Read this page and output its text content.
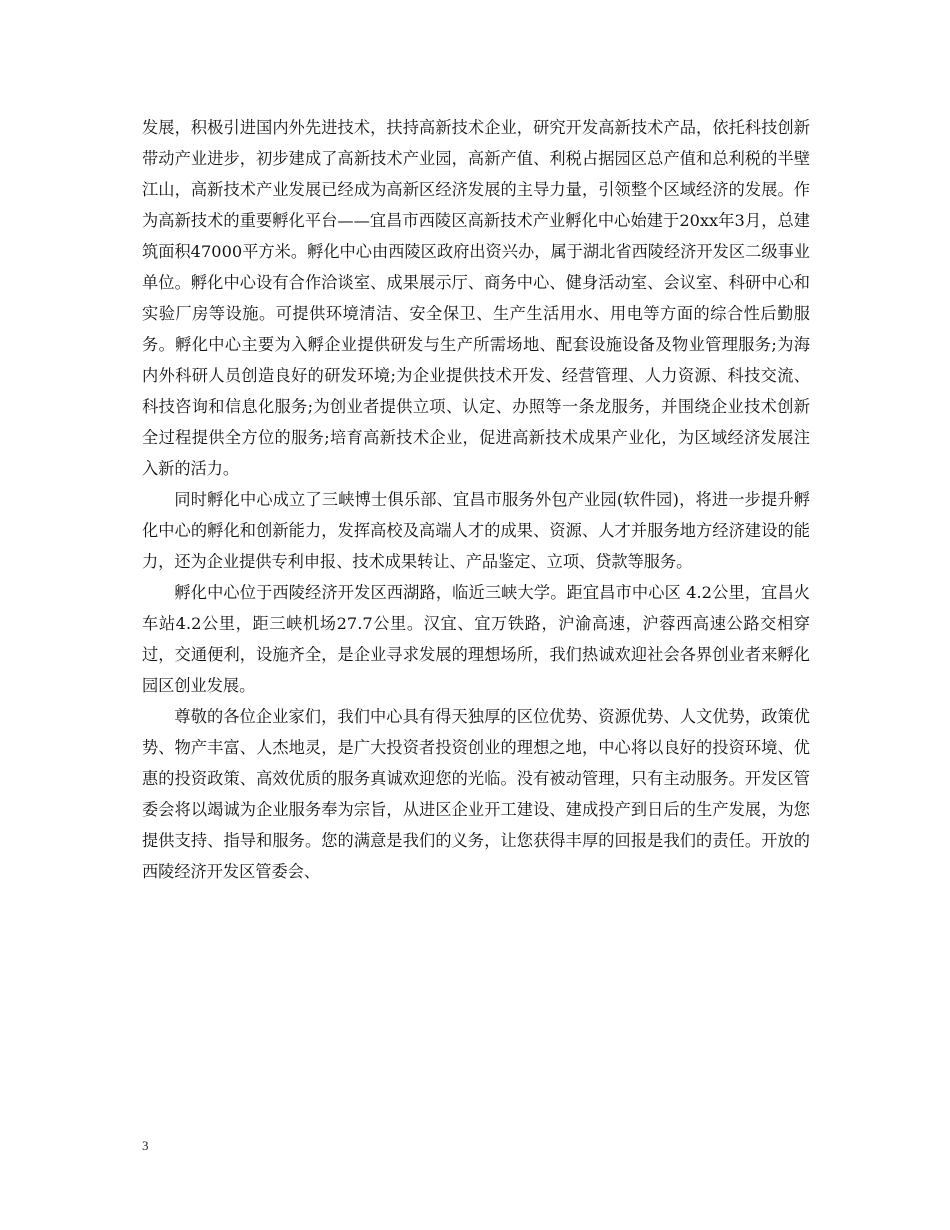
发展，积极引进国内外先进技术，扶持高新技术企业，研究开发高新技术产品，依托科技创新带动产业进步，初步建成了高新技术产业园，高新产值、利税占据园区总产值和总利税的半壁江山，高新技术产业发展已经成为高新区经济发展的主导力量，引领整个区域经济的发展。作为高新技术的重要孵化平台——宜昌市西陵区高新技术产业孵化中心始建于20xx年3月，总建筑面积47000平方米。孵化中心由西陵区政府出资兴办，属于湖北省西陵经济开发区二级事业单位。孵化中心设有合作洽谈室、成果展示厅、商务中心、健身活动室、会议室、科研中心和实验厂房等设施。可提供环境清洁、安全保卫、生产生活用水、用电等方面的综合性后勤服务。孵化中心主要为入孵企业提供研发与生产所需场地、配套设施设备及物业管理服务;为海内外科研人员创造良好的研发环境;为企业提供技术开发、经营管理、人力资源、科技交流、科技咨询和信息化服务;为创业者提供立项、认定、办照等一条龙服务，并围绕企业技术创新全过程提供全方位的服务;培育高新技术企业，促进高新技术成果产业化，为区域经济发展注入新的活力。

同时孵化中心成立了三峡博士俱乐部、宜昌市服务外包产业园(软件园)，将进一步提升孵化中心的孵化和创新能力，发挥高校及高端人才的成果、资源、人才并服务地方经济建设的能力，还为企业提供专利申报、技术成果转让、产品鉴定、立项、贷款等服务。

孵化中心位于西陵经济开发区西湖路，临近三峡大学。距宜昌市中心区 4.2公里，宜昌火车站4.2公里，距三峡机场27.7公里。汉宜、宜万铁路，沪渝高速，沪蓉西高速公路交相穿过，交通便利，设施齐全，是企业寻求发展的理想场所，我们热诚欢迎社会各界创业者来孵化园区创业发展。

尊敬的各位企业家们，我们中心具有得天独厚的区位优势、资源优势、人文优势，政策优势、物产丰富、人杰地灵，是广大投资者投资创业的理想之地，中心将以良好的投资环境、优惠的投资政策、高效优质的服务真诚欢迎您的光临。没有被动管理，只有主动服务。开发区管委会将以竭诚为企业服务奉为宗旨，从进区企业开工建设、建成投产到日后的生产发展，为您提供支持、指导和服务。您的满意是我们的义务，让您获得丰厚的回报是我们的责任。开放的西陵经济开发区管委会、

3
